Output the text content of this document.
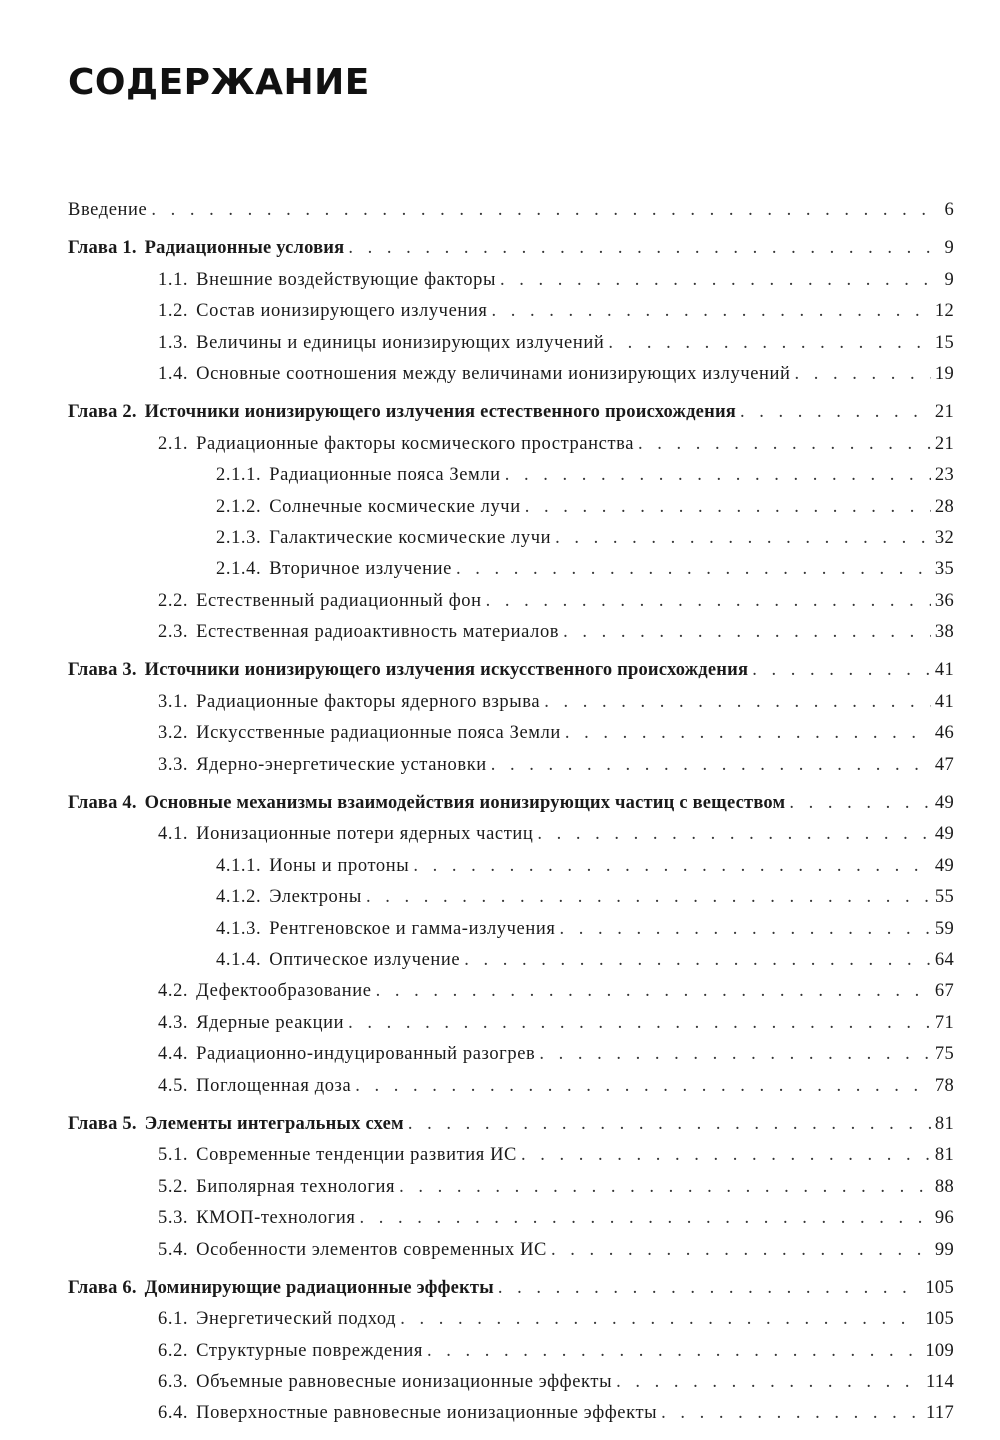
СОДЕРЖАНИЕ
Введение . . .	6
Глава 1. Радиационные условия . . .	9
1.1. Внешние воздействующие факторы . . .	9
1.2. Состав ионизирующего излучения . . .	12
1.3. Величины и единицы ионизирующих излучений . . .	15
1.4. Основные соотношения между величинами ионизирующих излучений . . .	19
Глава 2. Источники ионизирующего излучения естественного происхождения . . .	21
2.1. Радиационные факторы космического пространства . . .	21
2.1.1. Радиационные пояса Земли . . .	23
2.1.2. Солнечные космические лучи . . .	28
2.1.3. Галактические космические лучи . . .	32
2.1.4. Вторичное излучение . . .	35
2.2. Естественный радиационный фон . . .	36
2.3. Естественная радиоактивность материалов . . .	38
Глава 3. Источники ионизирующего излучения искусственного происхождения . . .	41
3.1. Радиационные факторы ядерного взрыва . . .	41
3.2. Искусственные радиационные пояса Земли . . .	46
3.3. Ядерно-энергетические установки . . .	47
Глава 4. Основные механизмы взаимодействия ионизирующих частиц с веществом . . .	49
4.1. Ионизационные потери ядерных частиц . . .	49
4.1.1. Ионы и протоны . . .	49
4.1.2. Электроны . . .	55
4.1.3. Рентгеновское и гамма-излучения . . .	59
4.1.4. Оптическое излучение . . .	64
4.2. Дефектообразование . . .	67
4.3. Ядерные реакции . . .	71
4.4. Радиационно-индуцированный разогрев . . .	75
4.5. Поглощенная доза . . .	78
Глава 5. Элементы интегральных схем . . .	81
5.1. Современные тенденции развития ИС . . .	81
5.2. Биполярная технология . . .	88
5.3. КМОП-технология . . .	96
5.4. Особенности элементов современных ИС . . .	99
Глава 6. Доминирующие радиационные эффекты . . .	105
6.1. Энергетический подход . . .	105
6.2. Структурные повреждения . . .	109
6.3. Объемные равновесные ионизационные эффекты . . .	114
6.4. Поверхностные равновесные ионизационные эффекты . . .	117
